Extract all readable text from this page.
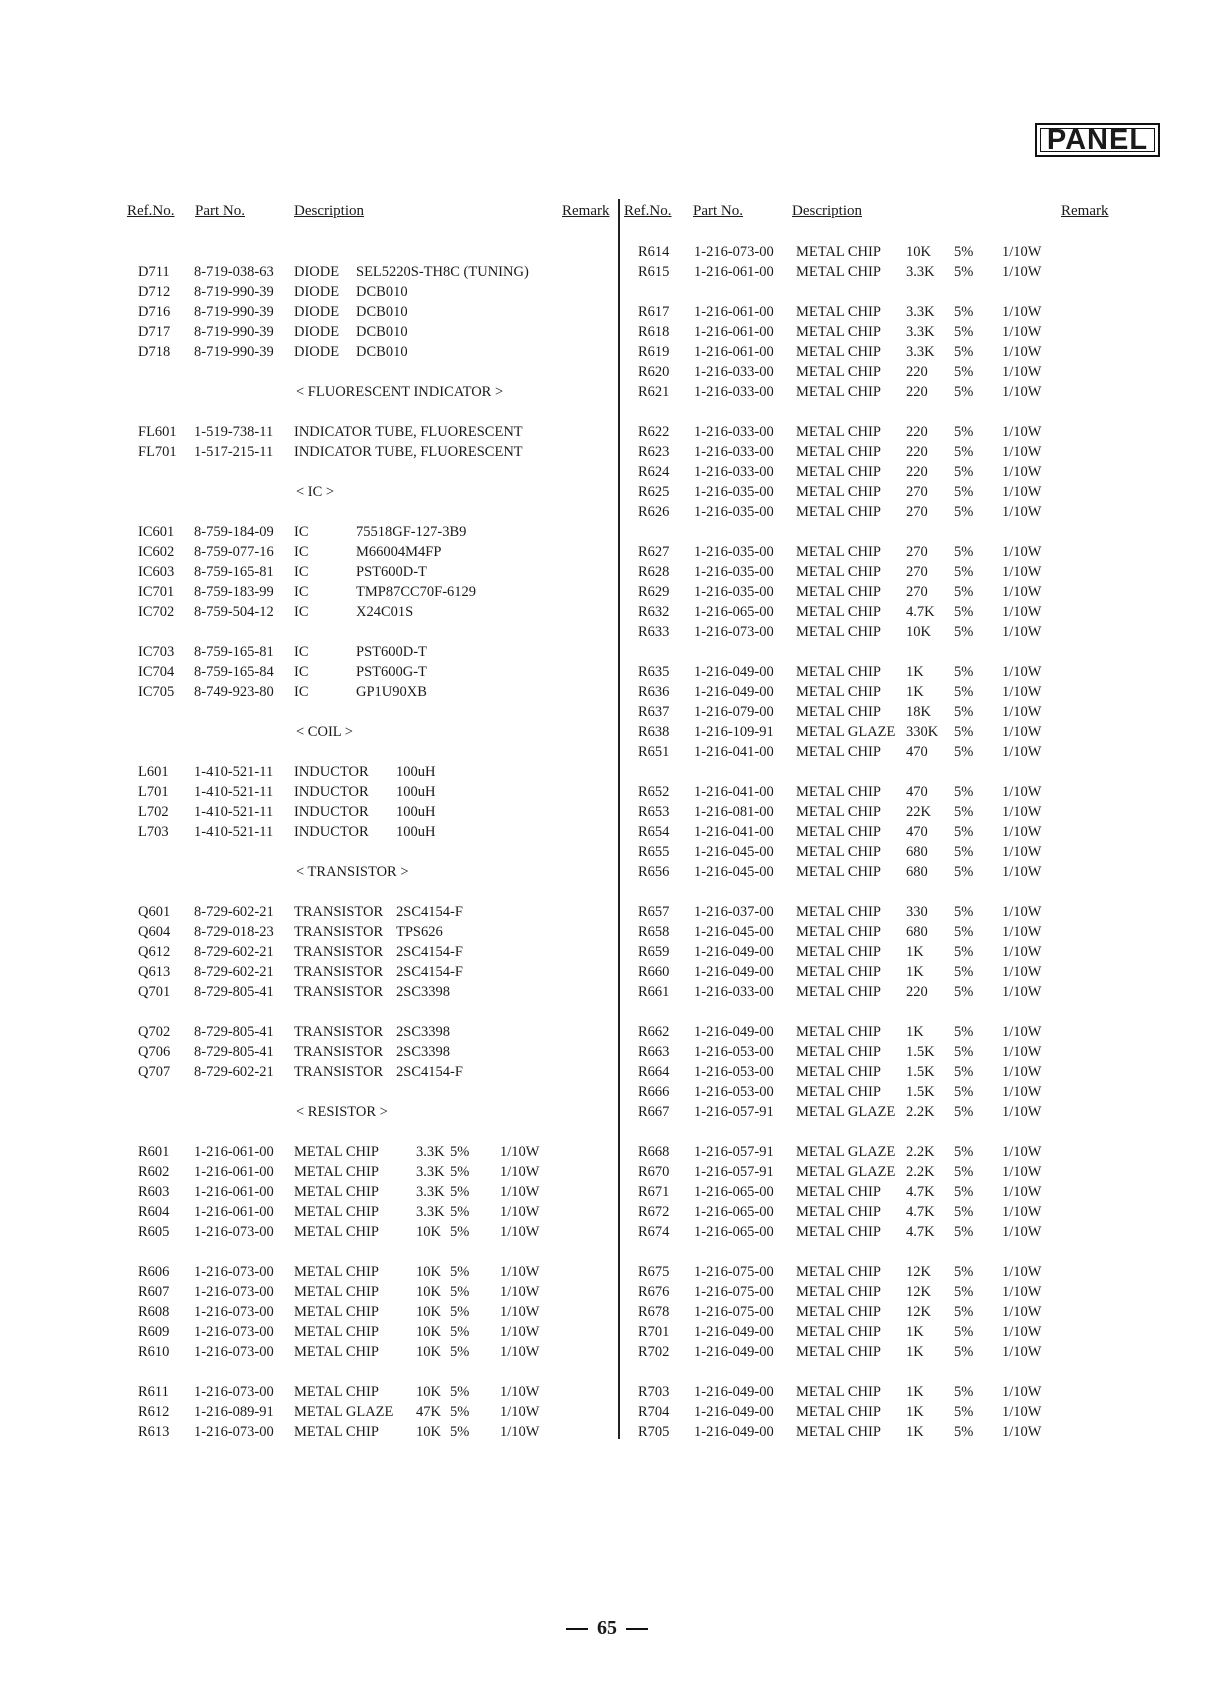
PANEL
Ref.No. Part No.	Description	Remark Ref.No. Part No.	Description	Remark
D711 8-719-038-63 DIODE SEL5220S-TH8C (TUNING)
D712 8-719-990-39 DIODE DCB010
D716 8-719-990-39 DIODE DCB010
D717 8-719-990-39 DIODE DCB010
D718 8-719-990-39 DIODE DCB010
< FLUORESCENT INDICATOR >
FL601 1-519-738-11 INDICATOR TUBE, FLUORESCENT
FL701 1-517-215-11 INDICATOR TUBE, FLUORESCENT
< IC >
IC601 8-759-184-09 IC	75518GF-127-3B9
IC602 8-759-077-16 IC	M66004M4FP
IC603 8-759-165-81 IC	PST600D-T
IC701 8-759-183-99 IC	TMP87CC70F-6129
IC702 8-759-504-12 IC	X24C01S
IC703 8-759-165-81 IC	PST600D-T
IC704 8-759-165-84 IC	PST600G-T
IC705 8-749-923-80 IC	GP1U90XB
< COIL >
L601 1-410-521-11 INDUCTOR 100uH
L701 1-410-521-11 INDUCTOR 100uH
L702 1-410-521-11 INDUCTOR 100uH
L703 1-410-521-11 INDUCTOR 100uH
< TRANSISTOR >
Q601 8-729-602-21 TRANSISTOR 2SC4154-F
Q604 8-729-018-23 TRANSISTOR TPS626
Q612 8-729-602-21 TRANSISTOR 2SC4154-F
Q613 8-729-602-21 TRANSISTOR 2SC4154-F
Q701 8-729-805-41 TRANSISTOR 2SC3398
Q702 8-729-805-41 TRANSISTOR 2SC3398
Q706 8-729-805-41 TRANSISTOR 2SC3398
Q707 8-729-602-21 TRANSISTOR 2SC4154-F
< RESISTOR >
R601 1-216-061-00 METAL CHIP	3.3K 5% 1/10W
R602 1-216-061-00 METAL CHIP	3.3K 5% 1/10W
R603 1-216-061-00 METAL CHIP	3.3K 5% 1/10W
R604 1-216-061-00 METAL CHIP	3.3K 5% 1/10W
R605 1-216-073-00 METAL CHIP	10K 5% 1/10W
R606 1-216-073-00 METAL CHIP	10K 5% 1/10W
R607 1-216-073-00 METAL CHIP	10K 5% 1/10W
R608 1-216-073-00 METAL CHIP	10K 5% 1/10W
R609 1-216-073-00 METAL CHIP	10K 5% 1/10W
R610 1-216-073-00 METAL CHIP	10K 5% 1/10W
R611 1-216-073-00 METAL CHIP	10K 5% 1/10W
R612 1-216-089-91 METAL GLAZE 47K 5% 1/10W
R613 1-216-073-00 METAL CHIP	10K 5% 1/10W
R614 1-216-073-00 METAL CHIP 10K 5% 1/10W
R615 1-216-061-00 METAL CHIP 3.3K 5% 1/10W
R617 1-216-061-00 METAL CHIP 3.3K 5% 1/10W
R618 1-216-061-00 METAL CHIP 3.3K 5% 1/10W
R619 1-216-061-00 METAL CHIP 3.3K 5% 1/10W
R620 1-216-033-00 METAL CHIP 220 5% 1/10W
R621 1-216-033-00 METAL CHIP 220 5% 1/10W
R622 1-216-033-00 METAL CHIP 220 5% 1/10W
R623 1-216-033-00 METAL CHIP 220 5% 1/10W
R624 1-216-033-00 METAL CHIP 220 5% 1/10W
R625 1-216-035-00 METAL CHIP 270 5% 1/10W
R626 1-216-035-00 METAL CHIP 270 5% 1/10W
R627 1-216-035-00 METAL CHIP 270 5% 1/10W
R628 1-216-035-00 METAL CHIP 270 5% 1/10W
R629 1-216-035-00 METAL CHIP 270 5% 1/10W
R632 1-216-065-00 METAL CHIP 4.7K 5% 1/10W
R633 1-216-073-00 METAL CHIP 10K 5% 1/10W
R635 1-216-049-00 METAL CHIP 1K 5% 1/10W
R636 1-216-049-00 METAL CHIP 1K 5% 1/10W
R637 1-216-079-00 METAL CHIP 18K 5% 1/10W
R638 1-216-109-91 METAL GLAZE 330K 5% 1/10W
R651 1-216-041-00 METAL CHIP 470 5% 1/10W
R652 1-216-041-00 METAL CHIP 470 5% 1/10W
R653 1-216-081-00 METAL CHIP 22K 5% 1/10W
R654 1-216-041-00 METAL CHIP 470 5% 1/10W
R655 1-216-045-00 METAL CHIP 680 5% 1/10W
R656 1-216-045-00 METAL CHIP 680 5% 1/10W
R657 1-216-037-00 METAL CHIP 330 5% 1/10W
R658 1-216-045-00 METAL CHIP 680 5% 1/10W
R659 1-216-049-00 METAL CHIP 1K 5% 1/10W
R660 1-216-049-00 METAL CHIP 1K 5% 1/10W
R661 1-216-033-00 METAL CHIP 220 5% 1/10W
R662 1-216-049-00 METAL CHIP 1K 5% 1/10W
R663 1-216-053-00 METAL CHIP 1.5K 5% 1/10W
R664 1-216-053-00 METAL CHIP 1.5K 5% 1/10W
R666 1-216-053-00 METAL CHIP 1.5K 5% 1/10W
R667 1-216-057-91 METAL GLAZE 2.2K 5% 1/10W
R668 1-216-057-91 METAL GLAZE 2.2K 5% 1/10W
R670 1-216-057-91 METAL GLAZE 2.2K 5% 1/10W
R671 1-216-065-00 METAL CHIP 4.7K 5% 1/10W
R672 1-216-065-00 METAL CHIP 4.7K 5% 1/10W
R674 1-216-065-00 METAL CHIP 4.7K 5% 1/10W
R675 1-216-075-00 METAL CHIP 12K 5% 1/10W
R676 1-216-075-00 METAL CHIP 12K 5% 1/10W
R678 1-216-075-00 METAL CHIP 12K 5% 1/10W
R701 1-216-049-00 METAL CHIP 1K 5% 1/10W
R702 1-216-049-00 METAL CHIP 1K 5% 1/10W
R703 1-216-049-00 METAL CHIP 1K 5% 1/10W
R704 1-216-049-00 METAL CHIP 1K 5% 1/10W
R705 1-216-049-00 METAL CHIP 1K 5% 1/10W
65
